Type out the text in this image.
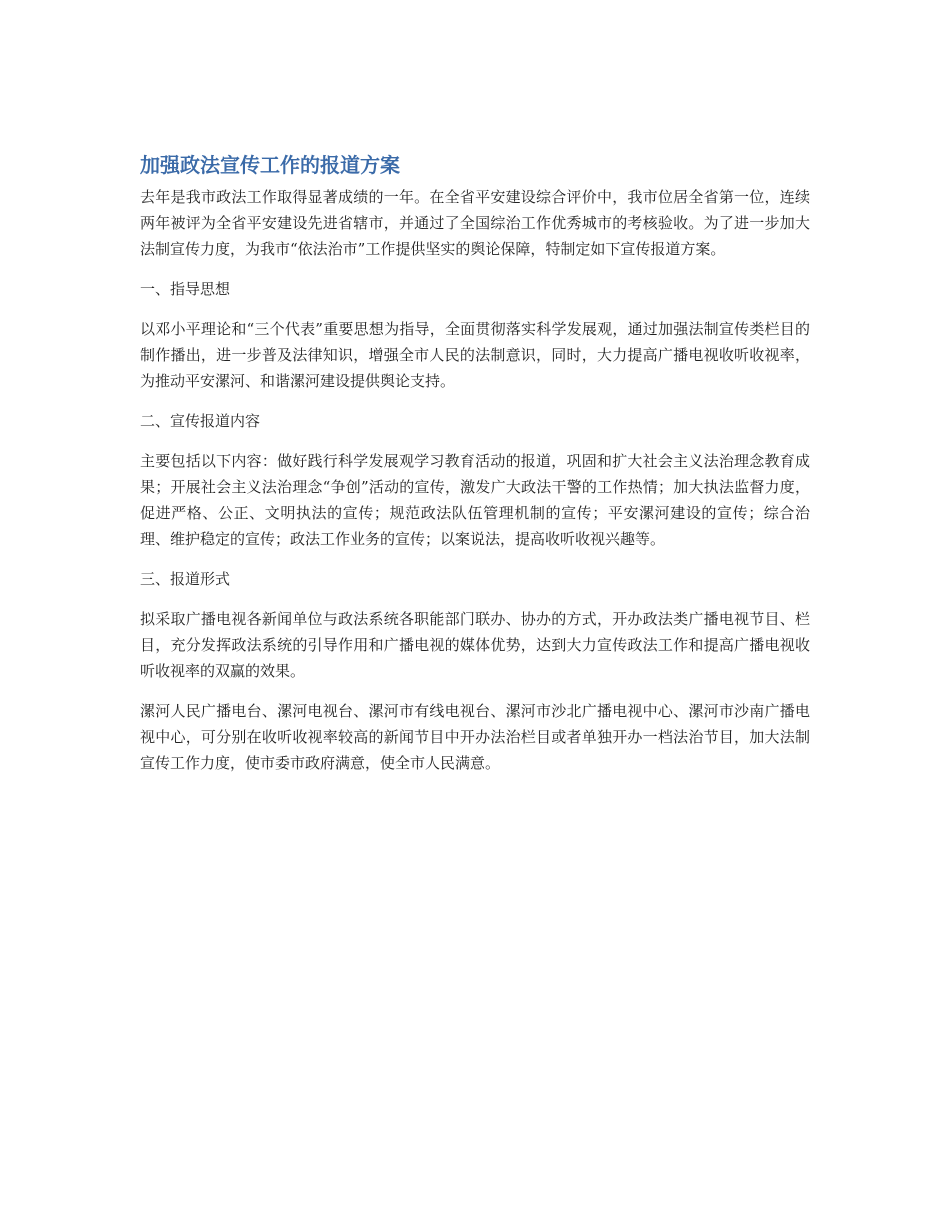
加强政法宣传工作的报道方案

去年是我市政法工作取得显著成绩的一年。在全省平安建设综合评价中，我市位居全省第一位，连续两年被评为全省平安建设先进省辖市，并通过了全国综治工作优秀城市的考核验收。为了进一步加大法制宣传力度，为我市“依法治市”工作提供坚实的舆论保障，特制定如下宣传报道方案。

一、指导思想

以邓小平理论和“三个代表”重要思想为指导，全面贯彻落实科学发展观，通过加强法制宣传类栏目的制作播出，进一步普及法律知识，增强全市人民的法制意识，同时，大力提高广播电视收听收视率，为推动平安漯河、和谐漯河建设提供舆论支持。

二、宣传报道内容

主要包括以下内容：做好践行科学发展观学习教育活动的报道，巩固和扩大社会主义法治理念教育成果；开展社会主义法治理念“争创”活动的宣传，激发广大政法干警的工作热情；加大执法监督力度，促进严格、公正、文明执法的宣传；规范政法队伍管理机制的宣传；平安漯河建设的宣传；综合治理、维护稳定的宣传；政法工作业务的宣传；以案说法，提高收听收视兴趣等。

三、报道形式

拟采取广播电视各新闻单位与政法系统各职能部门联办、协办的方式，开办政法类广播电视节目、栏目，充分发挥政法系统的引导作用和广播电视的媒体优势，达到大力宣传政法工作和提高广播电视收听收视率的双赢的效果。

漯河人民广播电台、漯河电视台、漯河市有线电视台、漯河市沙北广播电视中心、漯河市沙南广播电视中心，可分别在收听收视率较高的新闻节目中开办法治栏目或者单独开办一档法治节目，加大法制宣传工作力度，使市委市政府满意，使全市人民满意。
